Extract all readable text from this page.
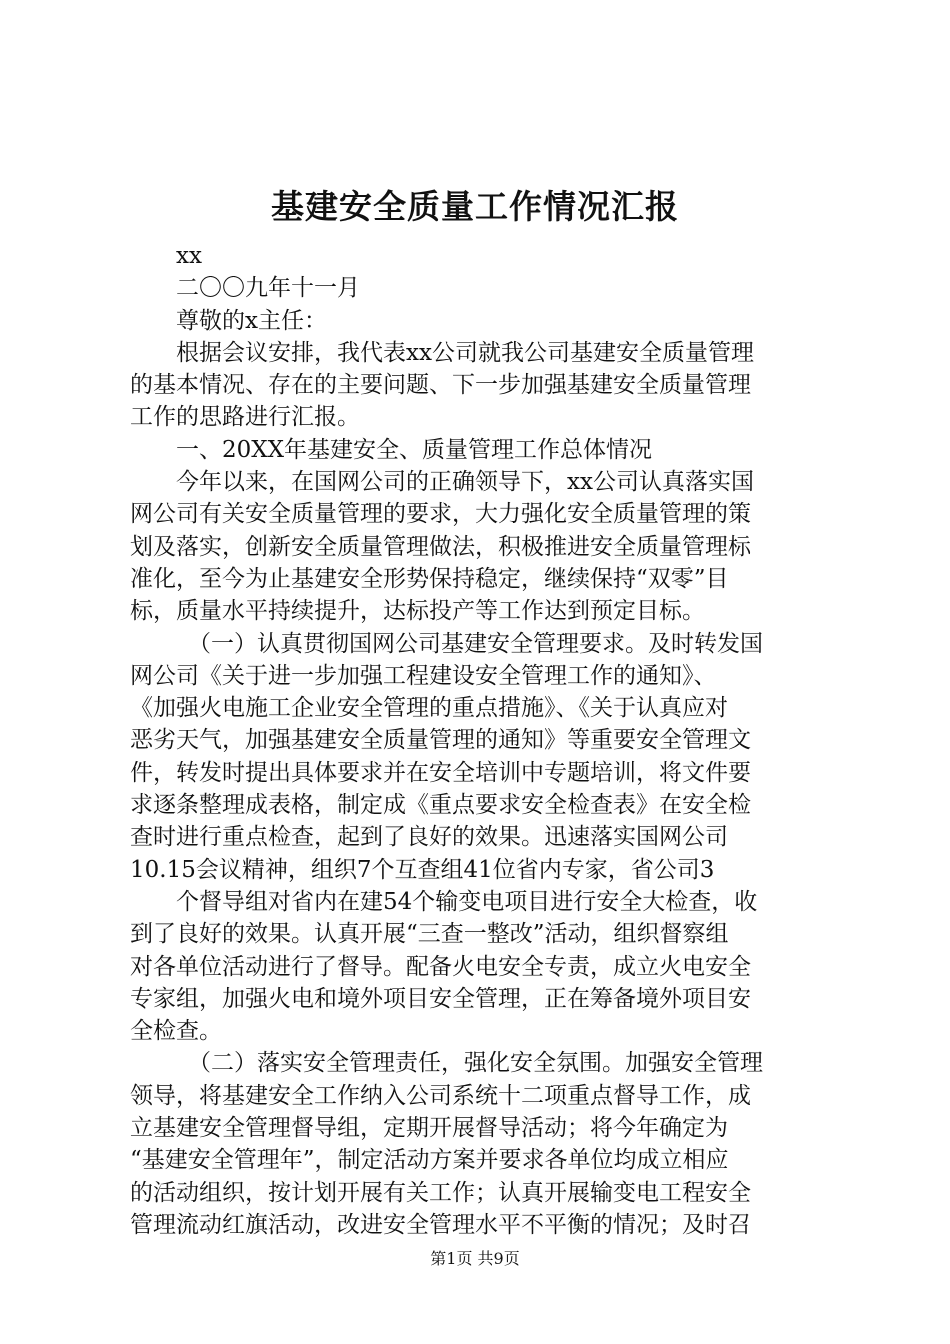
基建安全质量工作情况汇报
xx
二〇〇九年十一月
尊敬的x主任：
根据会议安排，我代表xx公司就我公司基建安全质量管理
的基本情况、存在的主要问题、下一步加强基建安全质量管理
工作的思路进行汇报。
一、20XX年基建安全、质量管理工作总体情况
今年以来，在国网公司的正确领导下，xx公司认真落实国
网公司有关安全质量管理的要求，大力强化安全质量管理的策
划及落实，创新安全质量管理做法，积极推进安全质量管理标
准化，至今为止基建安全形势保持稳定，继续保持“双零”目
标，质量水平持续提升，达标投产等工作达到预定目标。
（一）认真贯彻国网公司基建安全管理要求。及时转发国
网公司《关于进一步加强工程建设安全管理工作的通知》、
《加强火电施工企业安全管理的重点措施》、《关于认真应对
恶劣天气，加强基建安全质量管理的通知》等重要安全管理文
件，转发时提出具体要求并在安全培训中专题培训，将文件要
求逐条整理成表格，制定成《重点要求安全检查表》在安全检
查时进行重点检查，起到了良好的效果。迅速落实国网公司
10.15会议精神，组织7个互查组41位省内专家，省公司3
个督导组对省内在建54个输变电项目进行安全大检查，收
到了良好的效果。认真开展“三查一整改”活动，组织督察组
对各单位活动进行了督导。配备火电安全专责，成立火电安全
专家组，加强火电和境外项目安全管理，正在筹备境外项目安
全检查。
（二）落实安全管理责任，强化安全氛围。加强安全管理
领导，将基建安全工作纳入公司系统十二项重点督导工作，成
立基建安全管理督导组，定期开展督导活动；将今年确定为
“基建安全管理年”，制定活动方案并要求各单位均成立相应
的活动组织，按计划开展有关工作；认真开展输变电工程安全
管理流动红旗活动，改进安全管理水平不平衡的情况；及时召
第1页 共9页
